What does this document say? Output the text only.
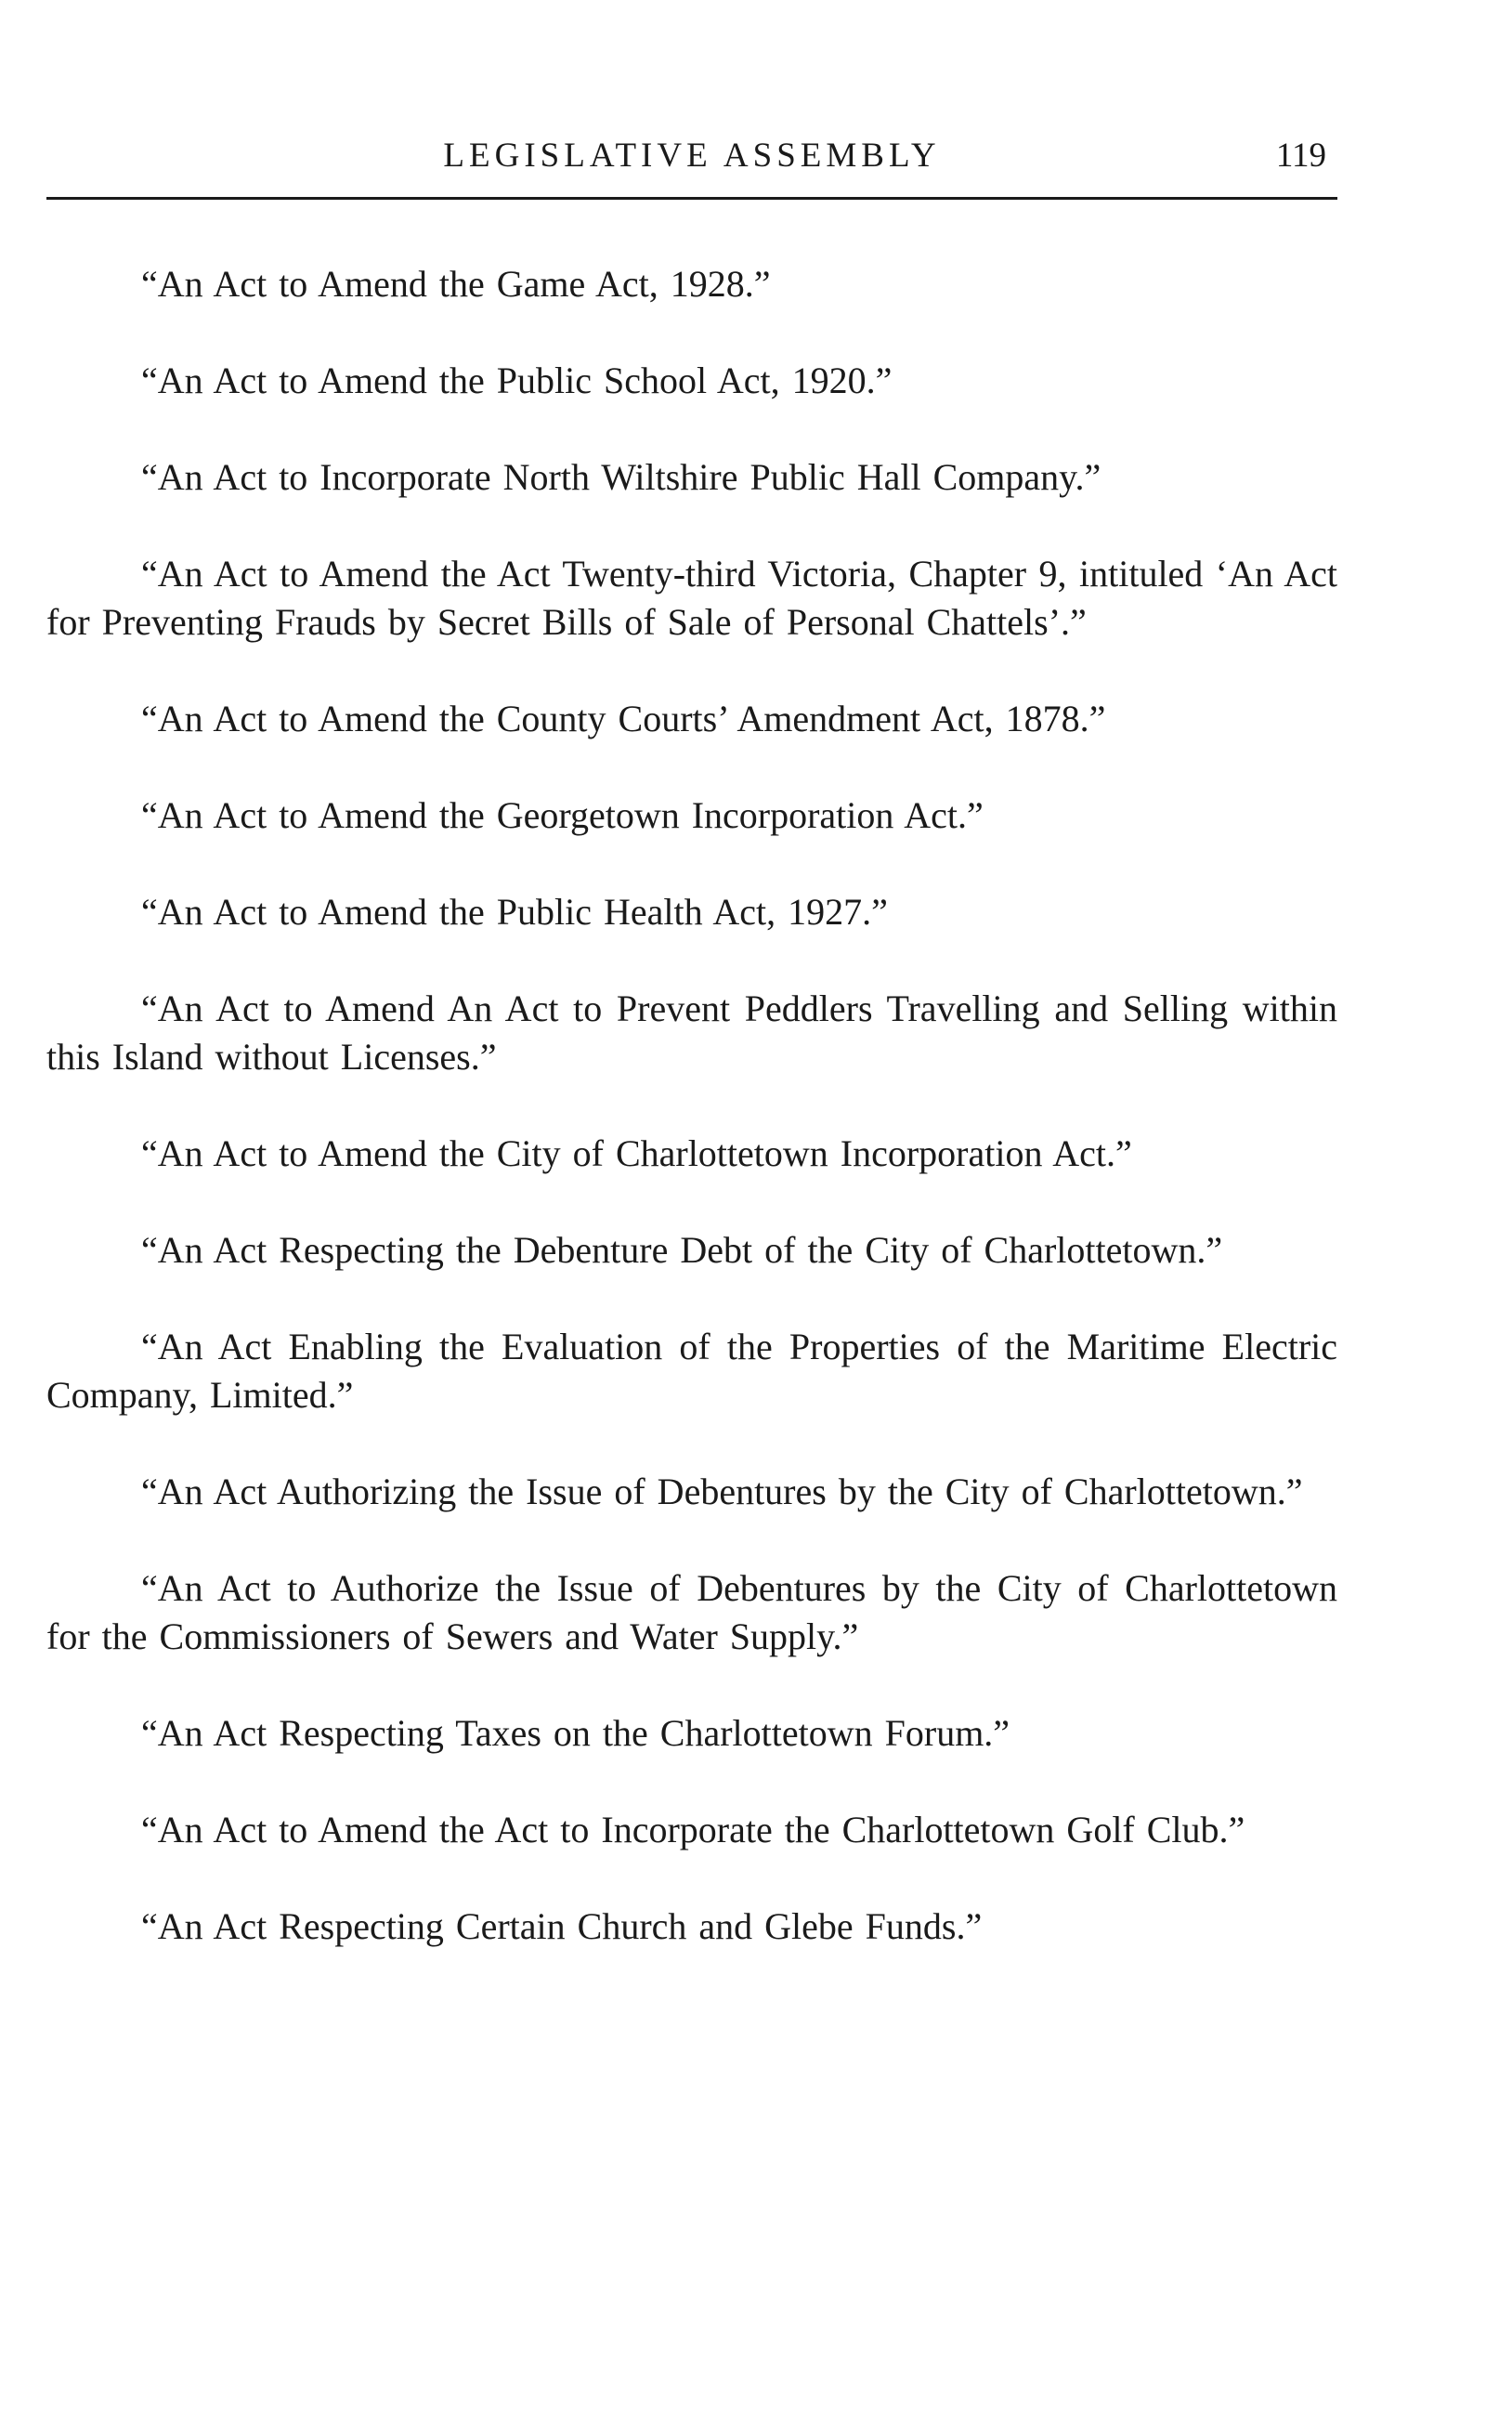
LEGISLATIVE ASSEMBLY	119
“An Act to Amend the Game Act, 1928.”
“An Act to Amend the Public School Act, 1920.”
“An Act to Incorporate North Wiltshire Public Hall Company.”
“An Act to Amend the Act Twenty-third Victoria, Chapter 9, intituled ‘An Act for Preventing Frauds by Secret Bills of Sale of Personal Chattels’.”
“An Act to Amend the County Courts’ Amendment Act, 1878.”
“An Act to Amend the Georgetown Incorporation Act.”
“An Act to Amend the Public Health Act, 1927.”
“An Act to Amend An Act to Prevent Peddlers Travelling and Selling within this Island without Licenses.”
“An Act to Amend the City of Charlottetown Incorporation Act.”
“An Act Respecting the Debenture Debt of the City of Charlottetown.”
“An Act Enabling the Evaluation of the Properties of the Maritime Electric Company, Limited.”
“An Act Authorizing the Issue of Debentures by the City of Charlottetown.”
“An Act to Authorize the Issue of Debentures by the City of Charlottetown for the Commissioners of Sewers and Water Supply.”
“An Act Respecting Taxes on the Charlottetown Forum.”
“An Act to Amend the Act to Incorporate the Charlottetown Golf Club.”
“An Act Respecting Certain Church and Glebe Funds.”
